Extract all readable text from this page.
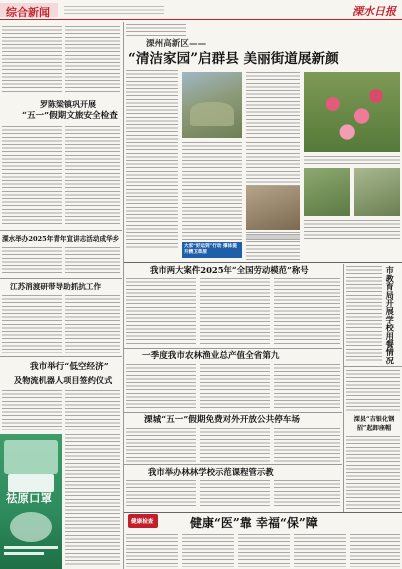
综合新闻	溧水日报
罗陈梁镇巩开展
“五一”假期文旅安全检查
溧水举办2025年青年宣讲志活动成华乡
江苏消渡研带导助抓抗工作
我市举行“低空经济”
及物流机器人项目签约仪式
祛原口罩
溧州高新区——
“清洁家园”启群县 美丽街道展新颜
大家“好运到”行动 撑体提升精卫草原
我市两大案件2025年“全国劳动模范”称号
一季度我市农林渔业总产值全省第九
溧城“五一”假期免费对外开放公共停车场
我市举办林林学校示范课程管示教
市教育局开展学校用餐情况
溧县“吉银化钢招”起卸座帽
健康检查	健康“医”靠 幸福“保”障
